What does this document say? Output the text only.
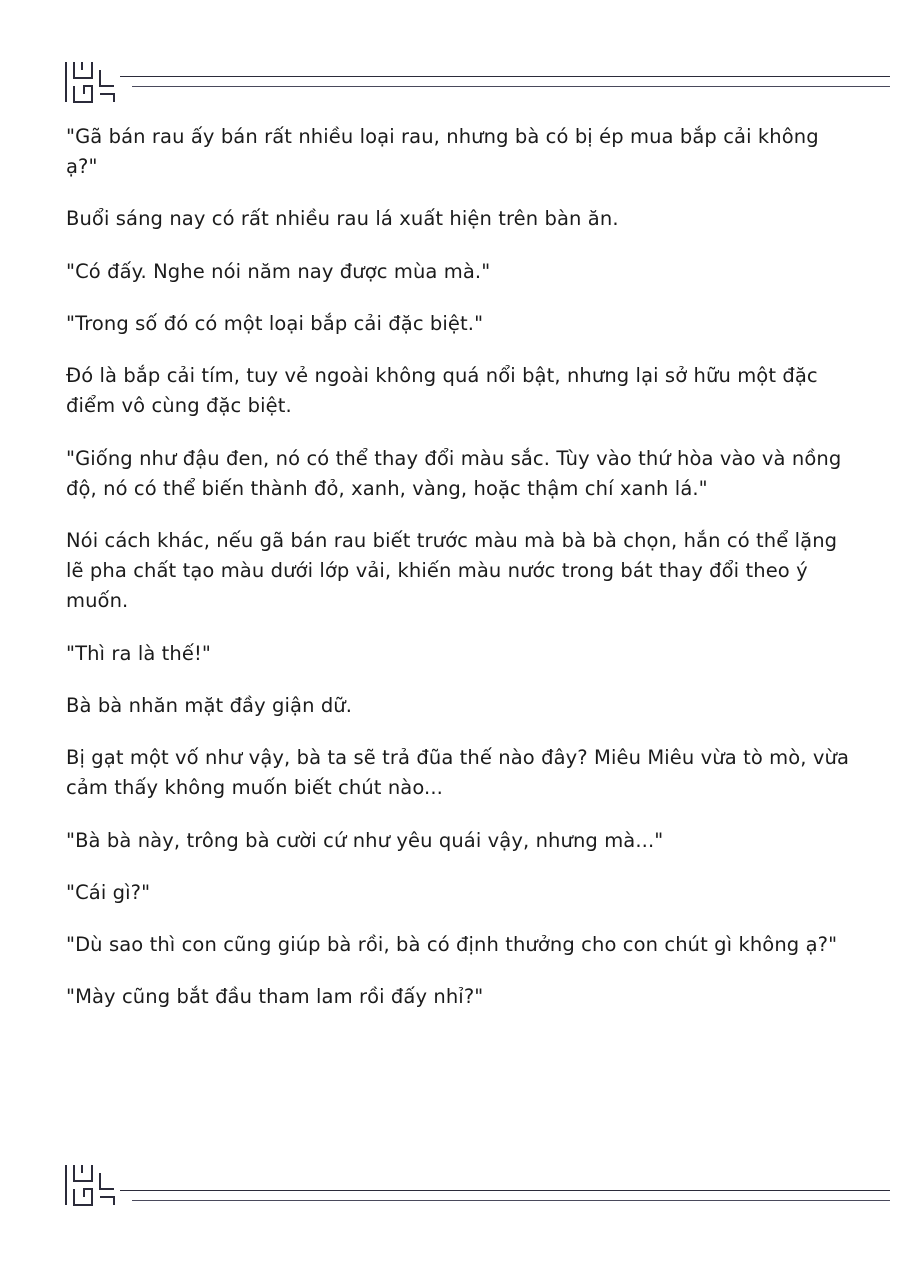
"Gã bán rau ấy bán rất nhiều loại rau, nhưng bà có bị ép mua bắp cải không ạ?"

Buổi sáng nay có rất nhiều rau lá xuất hiện trên bàn ăn.

"Có đấy. Nghe nói năm nay được mùa mà."

"Trong số đó có một loại bắp cải đặc biệt."

Đó là bắp cải tím, tuy vẻ ngoài không quá nổi bật, nhưng lại sở hữu một đặc điểm vô cùng đặc biệt.

"Giống như đậu đen, nó có thể thay đổi màu sắc. Tùy vào thứ hòa vào và nồng độ, nó có thể biến thành đỏ, xanh, vàng, hoặc thậm chí xanh lá."

Nói cách khác, nếu gã bán rau biết trước màu mà bà bà chọn, hắn có thể lặng lẽ pha chất tạo màu dưới lớp vải, khiến màu nước trong bát thay đổi theo ý muốn.

"Thì ra là thế!"

Bà bà nhăn mặt đầy giận dữ.

Bị gạt một vố như vậy, bà ta sẽ trả đũa thế nào đây? Miêu Miêu vừa tò mò, vừa cảm thấy không muốn biết chút nào...

"Bà bà này, trông bà cười cứ như yêu quái vậy, nhưng mà..."

"Cái gì?"

"Dù sao thì con cũng giúp bà rồi, bà có định thưởng cho con chút gì không ạ?"

"Mày cũng bắt đầu tham lam rồi đấy nhỉ?"
